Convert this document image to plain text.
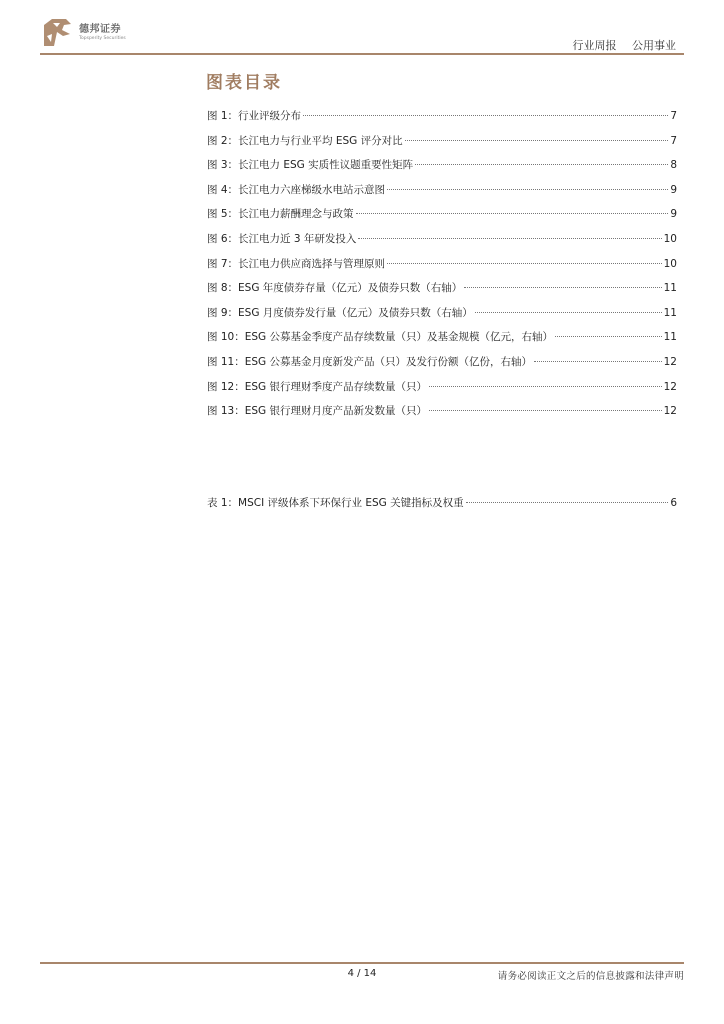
德邦证券
Topsperity Securities
行业周报 公用事业
图表目录
图 1：行业评级分布	7
图 2：长江电力与行业平均 ESG 评分对比	7
图 3：长江电力 ESG 实质性议题重要性矩阵	8
图 4：长江电力六座梯级水电站示意图	9
图 5：长江电力薪酬理念与政策	9
图 6：长江电力近 3 年研发投入	10
图 7：长江电力供应商选择与管理原则	10
图 8：ESG 年度债券存量（亿元）及债券只数（右轴）	11
图 9：ESG 月度债券发行量（亿元）及债券只数（右轴）	11
图 10：ESG 公募基金季度产品存续数量（只）及基金规模（亿元，右轴）	11
图 11：ESG 公募基金月度新发产品（只）及发行份额（亿份，右轴）	12
图 12：ESG 银行理财季度产品存续数量（只）	12
图 13：ESG 银行理财月度产品新发数量（只）	12
表 1：MSCI 评级体系下环保行业 ESG 关键指标及权重	6
4 / 14	请务必阅读正文之后的信息披露和法律声明
